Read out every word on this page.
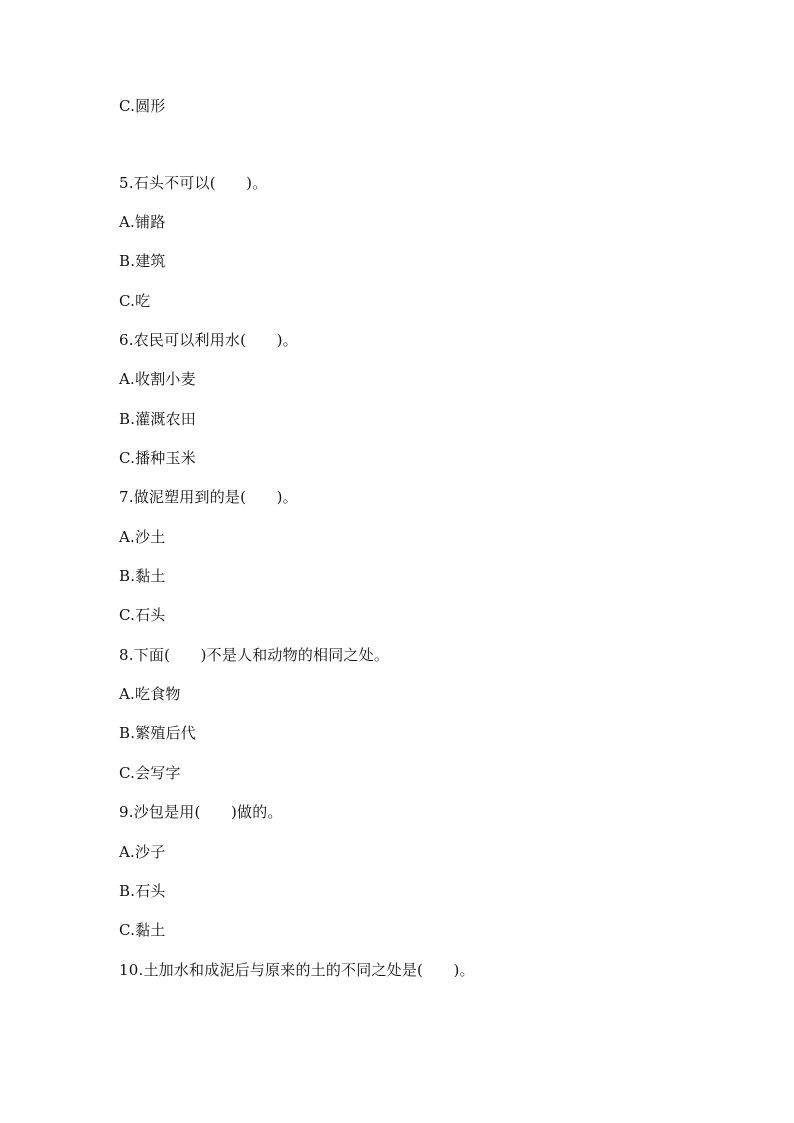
C.圆形
5.石头不可以(　　)。
A.铺路
B.建筑
C.吃
6.农民可以利用水(　　)。
A.收割小麦
B.灌溉农田
C.播种玉米
7.做泥塑用到的是(　　)。
A.沙土
B.黏土
C.石头
8.下面(　　)不是人和动物的相同之处。
A.吃食物
B.繁殖后代
C.会写字
9.沙包是用(　　)做的。
A.沙子
B.石头
C.黏土
10.土加水和成泥后与原来的土的不同之处是(　　)。
